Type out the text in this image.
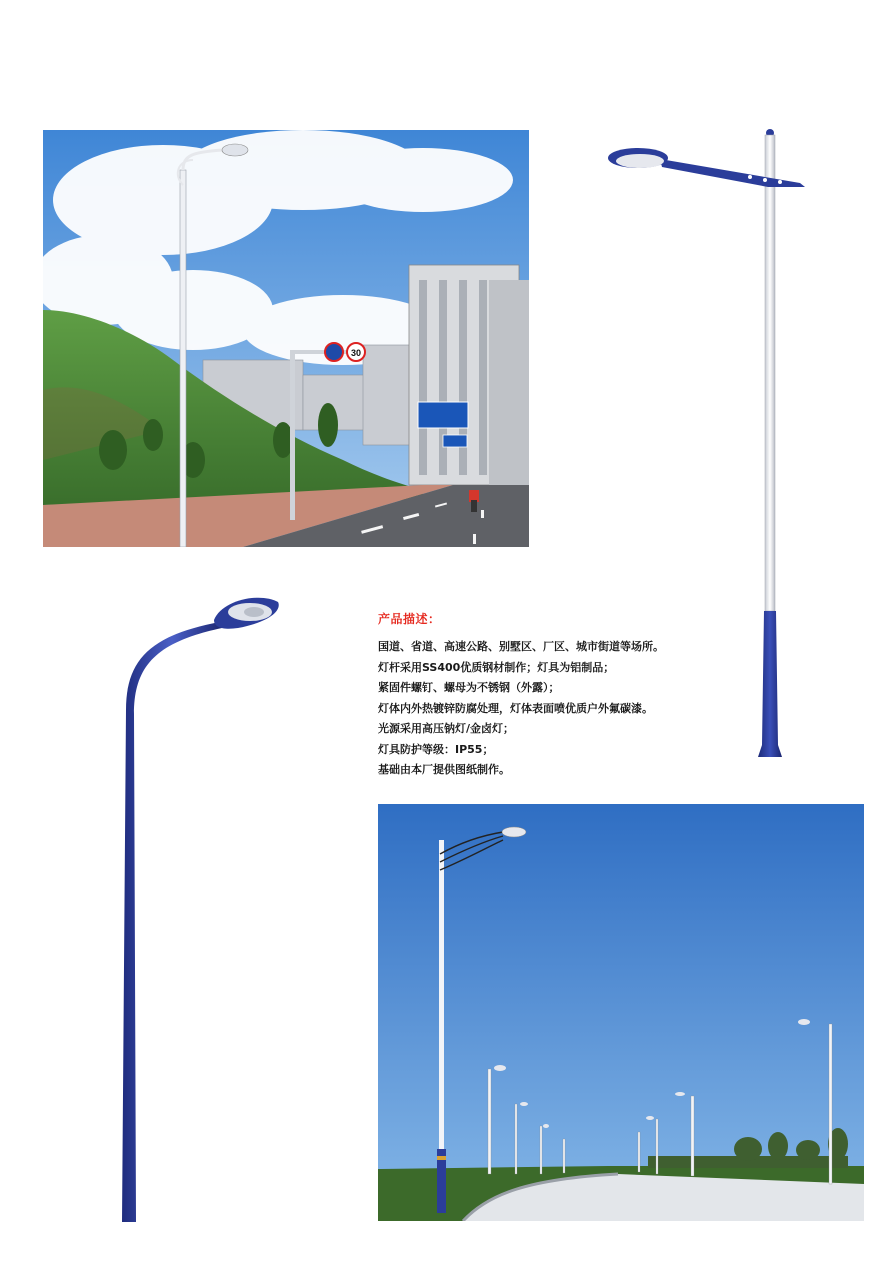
30

产品描述：

国道、省道、高速公路、别墅区、厂区、城市街道等场所。

灯杆采用SS400优质钢材制作；灯具为铝制品；

紧固件螺钉、螺母为不锈钢（外露）；

灯体内外热镀锌防腐处理，灯体表面喷优质户外氟碳漆。

光源采用高压钠灯/金卤灯；

灯具防护等级：IP55；

基础由本厂提供图纸制作。
